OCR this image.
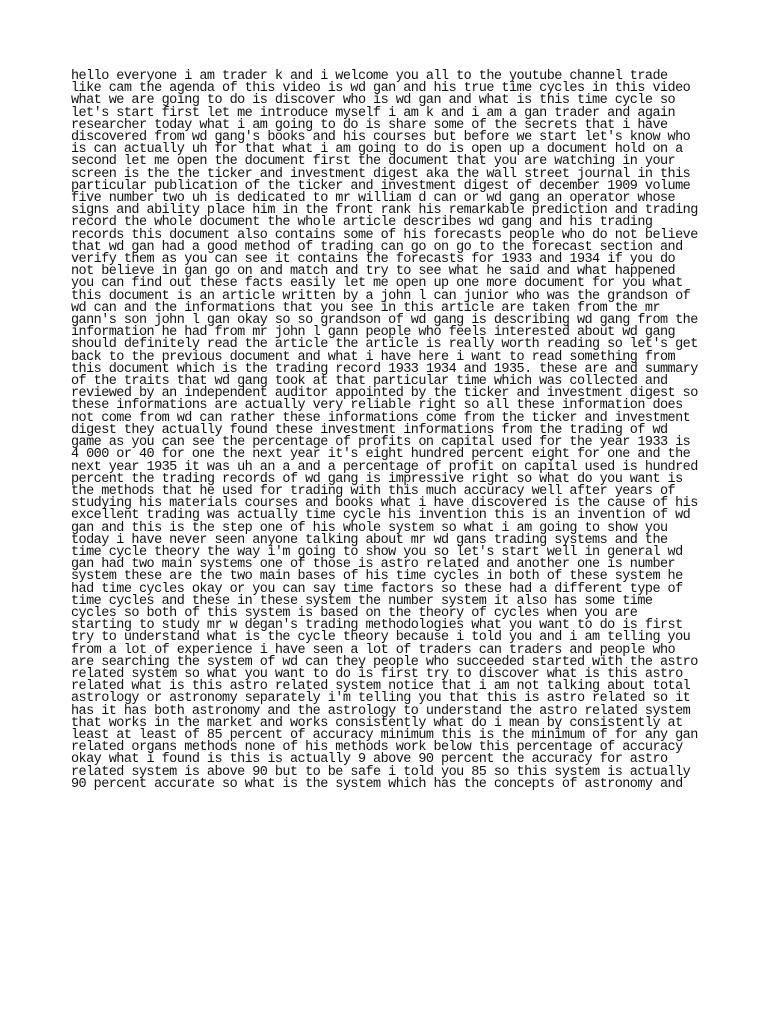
hello everyone i am trader k and i welcome you all to the youtube channel trade
like cam the agenda of this video is wd gan and his true time cycles in this video
what we are going to do is discover who is wd gan and what is this time cycle so
let's start first let me introduce myself i am k and i am a gan trader and again
researcher today what i am going to do is share some of the secrets that i have
discovered from wd gang's books and his courses but before we start let's know who
is can actually uh for that what i am going to do is open up a document hold on a
second let me open the document first the document that you are watching in your
screen is the the ticker and investment digest aka the wall street journal in this
particular publication of the ticker and investment digest of december 1909 volume
five number two uh is dedicated to mr william d can or wd gang an operator whose
signs and ability place him in the front rank his remarkable prediction and trading
record the whole document the whole article describes wd gang and his trading
records this document also contains some of his forecasts people who do not believe
that wd gan had a good method of trading can go on go to the forecast section and
verify them as you can see it contains the forecasts for 1933 and 1934 if you do
not believe in gan go on and match and try to see what he said and what happened
you can find out these facts easily let me open up one more document for you what
this document is an article written by a john l can junior who was the grandson of
wd can and the informations that you see in this article are taken from the mr
gann's son john l gan okay so so grandson of wd gang is describing wd gang from the
information he had from mr john l gann people who feels interested about wd gang
should definitely read the article the article is really worth reading so let's get
back to the previous document and what i have here i want to read something from
this document which is the trading record 1933 1934 and 1935. these are and summary
of the traits that wd gang took at that particular time which was collected and
reviewed by an independent auditor appointed by the ticker and investment digest so
these informations are actually very reliable right so all these information does
not come from wd can rather these informations come from the ticker and investment
digest they actually found these investment informations from the trading of wd
game as you can see the percentage of profits on capital used for the year 1933 is
4 000 or 40 for one the next year it's eight hundred percent eight for one and the
next year 1935 it was uh an a and a percentage of profit on capital used is hundred
percent the trading records of wd gang is impressive right so what do you want is
the methods that he used for trading with this much accuracy well after years of
studying his materials courses and books what i have discovered is the cause of his
excellent trading was actually time cycle his invention this is an invention of wd
gan and this is the step one of his whole system so what i am going to show you
today i have never seen anyone talking about mr wd gans trading systems and the
time cycle theory the way i'm going to show you so let's start well in general wd
gan had two main systems one of those is astro related and another one is number
system these are the two main bases of his time cycles in both of these system he
had time cycles okay or you can say time factors so these had a different type of
time cycles and these in these system the number system it also has some time
cycles so both of this system is based on the theory of cycles when you are
starting to study mr w degan's trading methodologies what you want to do is first
try to understand what is the cycle theory because i told you and i am telling you
from a lot of experience i have seen a lot of traders can traders and people who
are searching the system of wd can they people who succeeded started with the astro
related system so what you want to do is first try to discover what is this astro
related what is this astro related system notice that i am not talking about total
astrology or astronomy separately i'm telling you that this is astro related so it
has it has both astronomy and the astrology to understand the astro related system
that works in the market and works consistently what do i mean by consistently at
least at least of 85 percent of accuracy minimum this is the minimum of for any gan
related organs methods none of his methods work below this percentage of accuracy
okay what i found is this is actually 9 above 90 percent the accuracy for astro
related system is above 90 but to be safe i told you 85 so this system is actually
90 percent accurate so what is the system which has the concepts of astronomy and
